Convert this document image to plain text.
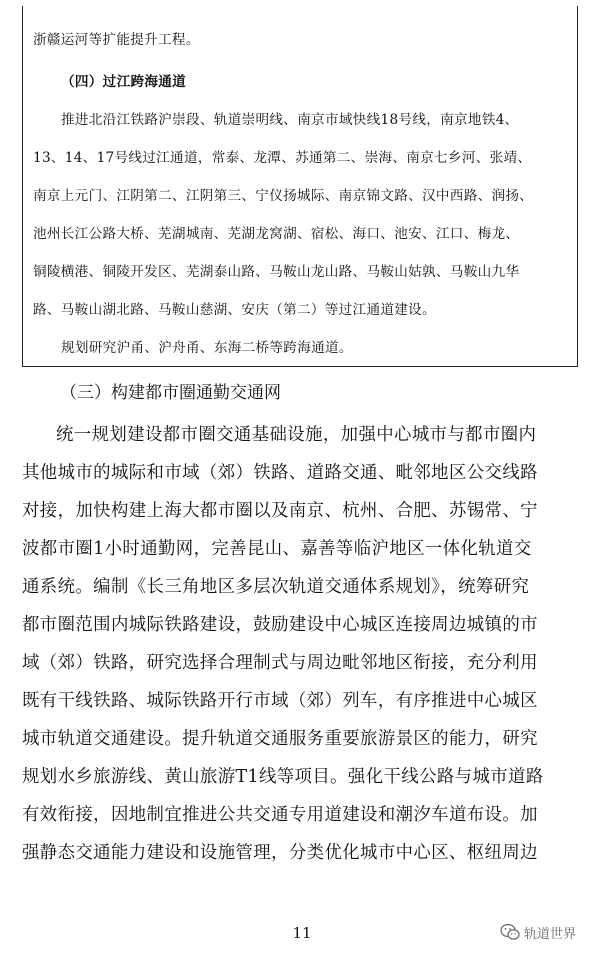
浙赣运河等扩能提升工程。
（四）过江跨海通道
推进北沿江铁路沪崇段、轨道崇明线、南京市域快线18号线，南京地铁4、
13、14、17号线过江通道，常泰、龙潭、苏通第二、崇海、南京七乡河、张靖、
南京上元门、江阴第二、江阴第三、宁仪扬城际、南京锦文路、汉中西路、润扬、
池州长江公路大桥、芜湖城南、芜湖龙窝湖、宿松、海口、池安、江口、梅龙、
铜陵横港、铜陵开发区、芜湖泰山路、马鞍山龙山路、马鞍山姑孰、马鞍山九华
路、马鞍山湖北路、马鞍山慈湖、安庆（第二）等过江通道建设。
规划研究沪甬、沪舟甬、东海二桥等跨海通道。
（三）构建都市圈通勤交通网
统一规划建设都市圈交通基础设施，加强中心城市与都市圈内
其他城市的城际和市域（郊）铁路、道路交通、毗邻地区公交线路
对接，加快构建上海大都市圈以及南京、杭州、合肥、苏锡常、宁
波都市圈1小时通勤网，完善昆山、嘉善等临沪地区一体化轨道交
通系统。编制《长三角地区多层次轨道交通体系规划》，统筹研究
都市圈范围内城际铁路建设，鼓励建设中心城区连接周边城镇的市
域（郊）铁路，研究选择合理制式与周边毗邻地区衔接，充分利用
既有干线铁路、城际铁路开行市域（郊）列车，有序推进中心城区
城市轨道交通建设。提升轨道交通服务重要旅游景区的能力，研究
规划水乡旅游线、黄山旅游T1线等项目。强化干线公路与城市道路
有效衔接，因地制宜推进公共交通专用道建设和潮汐车道布设。加
强静态交通能力建设和设施管理，分类优化城市中心区、枢纽周边
11	轨道世界
